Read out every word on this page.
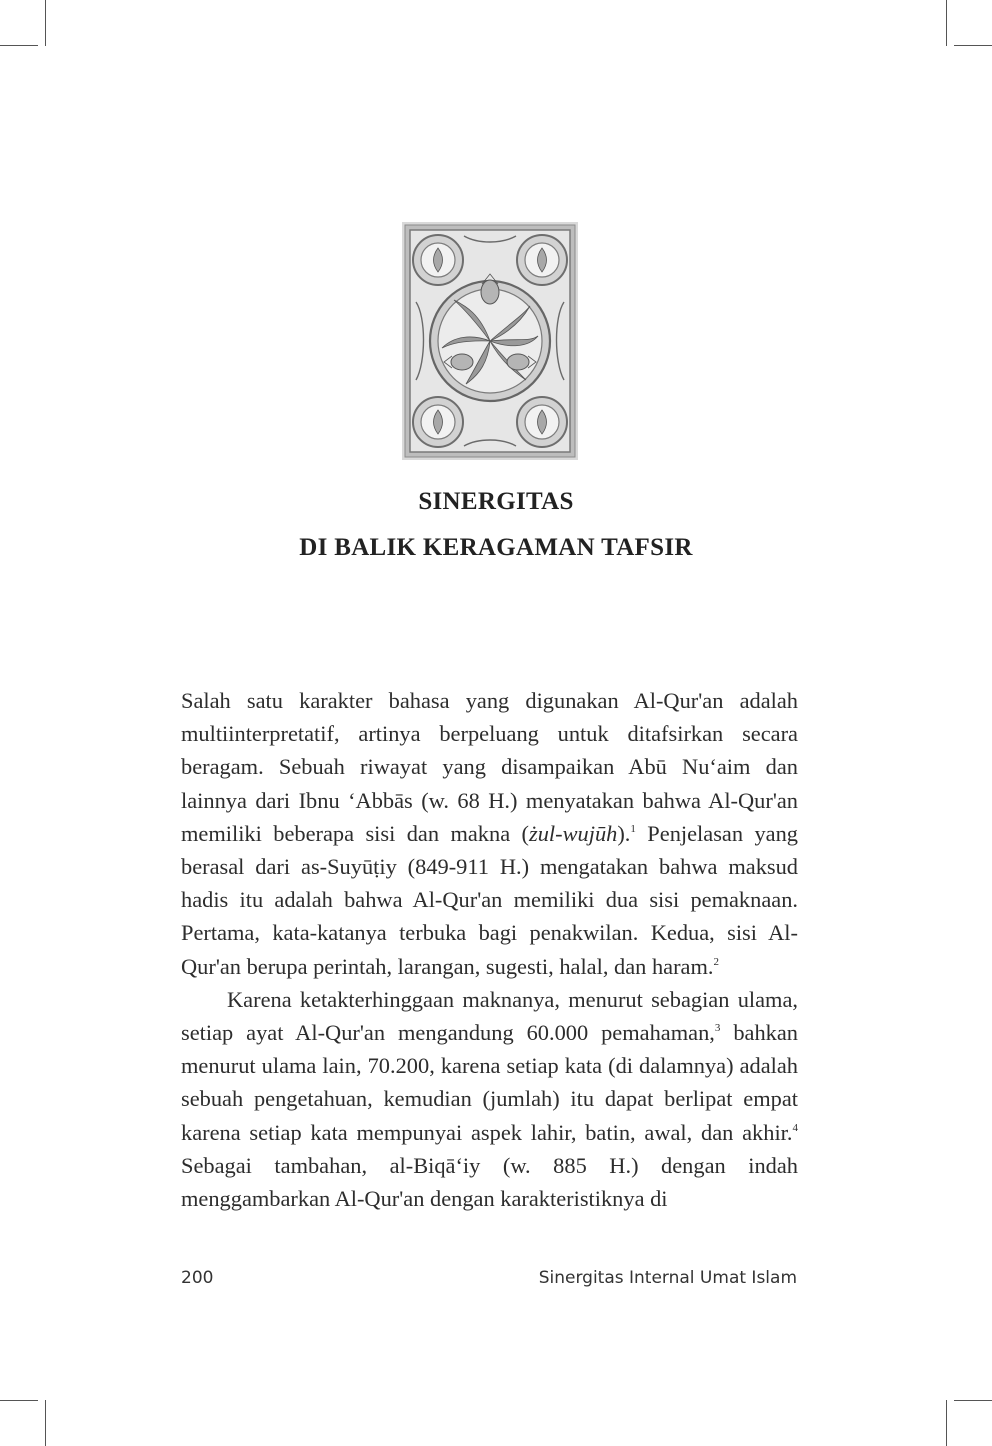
SINERGITAS
DI BALIK KERAGAMAN TAFSIR

Salah satu karakter bahasa yang digunakan Al-Qur'an adalah multiinterpretatif, artinya berpeluang untuk ditafsirkan secara beragam. Sebuah riwayat yang disampaikan Abū Nuʻaim dan lainnya dari Ibnu ʻAbbās (w. 68 H.) menyatakan bahwa Al-Qur'an memiliki beberapa sisi dan makna (żul-wujūh).$^1$ Penjelasan yang berasal dari as-Suyūṭiy (849-911 H.) mengatakan bahwa maksud hadis itu adalah bahwa Al-Qur'an memiliki dua sisi pemaknaan. Pertama, kata-katanya terbuka bagi penakwilan. Kedua, sisi Al-Qur'an berupa perintah, larangan, sugesti, halal, dan haram.$^2$

Karena ketakterhinggaan maknanya, menurut sebagian ulama, setiap ayat Al-Qur'an mengandung 60.000 pemahaman,$^3$ bahkan menurut ulama lain, 70.200, karena setiap kata (di dalamnya) adalah sebuah pengetahuan, kemudian (jumlah) itu dapat berlipat empat karena setiap kata mempunyai aspek lahir, batin, awal, dan akhir.$^4$ Sebagai tambahan, al-Biqāʻiy (w. 885 H.) dengan indah menggambarkan Al-Qur'an dengan karakteristiknya di

200	Sinergitas Internal Umat Islam
